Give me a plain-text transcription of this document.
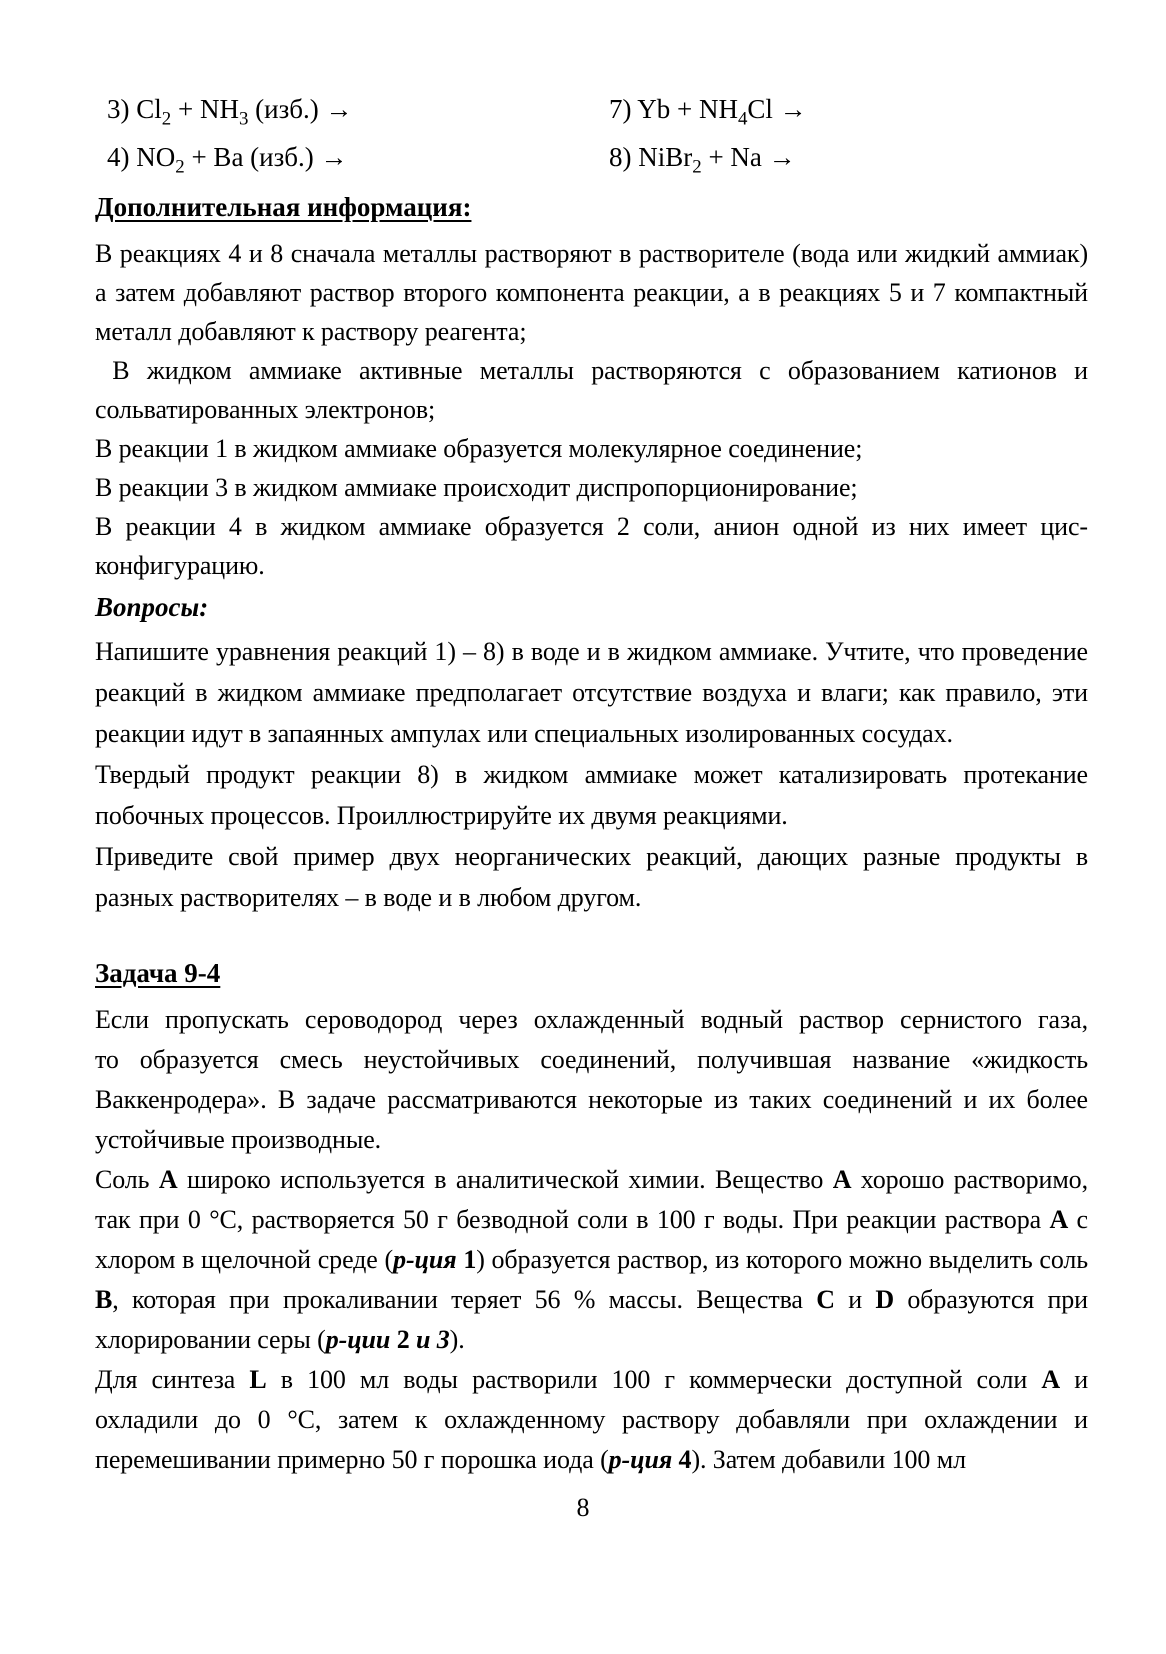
3) $Cl_2 + NH_3$ (изб.) →	7) $Yb + NH_4Cl$ →
4) $NO_2 + Ba$ (изб.) →	8) NiBr$_2$ + Na →
Дополнительная информация:

В реакциях 4 и 8 сначала металлы растворяют в растворителе (вода или жидкий аммиак) а затем добавляют раствор второго компонента реакции, а в реакциях 5 и 7 компактный металл добавляют к раствору реагента;

В жидком аммиаке активные металлы растворяются с образованием катионов и сольватированных электронов;

В реакции 1 в жидком аммиаке образуется молекулярное соединение;

В реакции 3 в жидком аммиаке происходит диспропорционирование;

В реакции 4 в жидком аммиаке образуется 2 соли, анион одной из них имеет цис-конфигурацию.

Вопросы:

Напишите уравнения реакций 1) – 8) в воде и в жидком аммиаке. Учтите, что проведение реакций в жидком аммиаке предполагает отсутствие воздуха и влаги; как правило, эти реакции идут в запаянных ампулах или специальных изолированных сосудах.

Твердый продукт реакции 8) в жидком аммиаке может катализировать протекание побочных процессов. Проиллюстрируйте их двумя реакциями.

Приведите свой пример двух неорганических реакций, дающих разные продукты в разных растворителях – в воде и в любом другом.

Задача 9-4

Если пропускать сероводород через охлажденный водный раствор сернистого газа, то образуется смесь неустойчивых соединений, получившая название «жидкость Ваккенродера». В задаче рассматриваются некоторые из таких соединений и их более устойчивые производные.

Соль А широко используется в аналитической химии. Вещество А хорошо растворимо, так при 0 °С, растворяется 50 г безводной соли в 100 г воды. При реакции раствора А с хлором в щелочной среде (р-ция 1) образуется раствор, из которого можно выделить соль В, которая при прокаливании теряет 56 % массы. Вещества С и D образуются при хлорировании серы (р-ции 2 и 3).

Для синтеза L в 100 мл воды растворили 100 г коммерчески доступной соли А и охладили до 0 °С, затем к охлажденному раствору добавляли при охлаждении и перемешивании примерно 50 г порошка иода (р-ция 4). Затем добавили 100 мл

8
